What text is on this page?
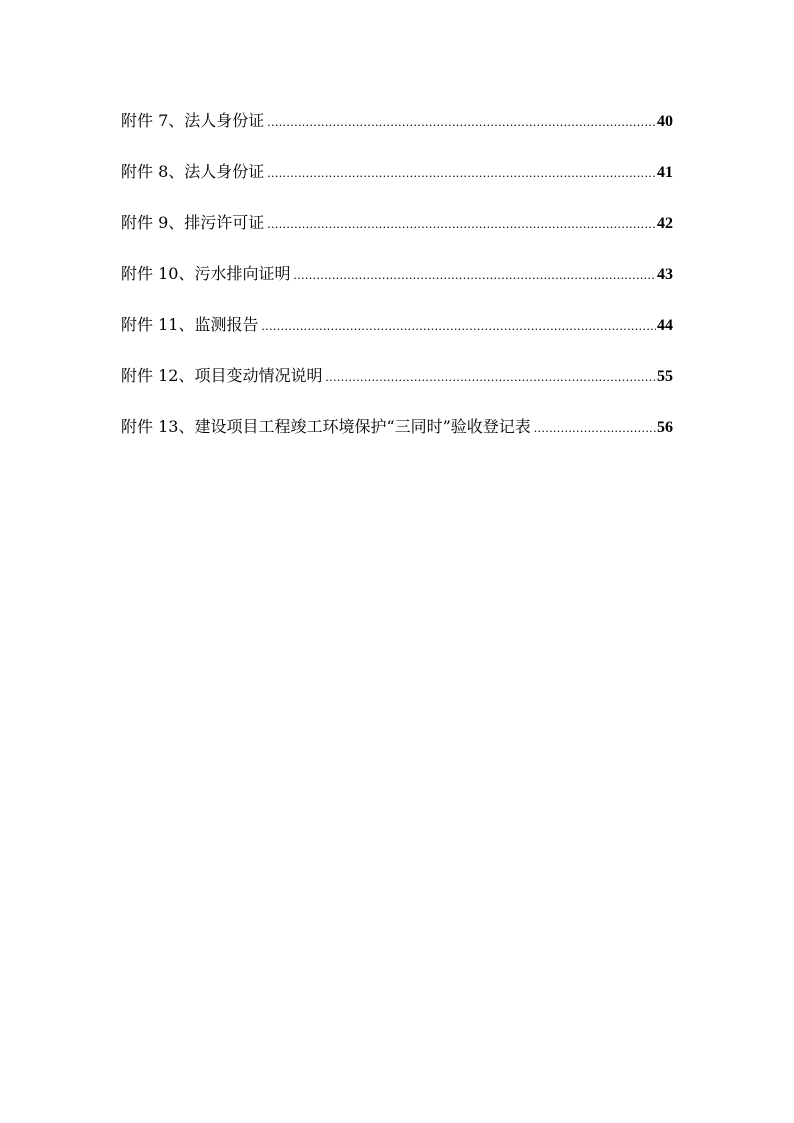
附件 7、法人身份证 .....	40
附件 8、法人身份证 .....	41
附件 9、排污许可证 .....	42
附件 10、污水排向证明 .....	43
附件 11、监测报告 .....	44
附件 12、项目变动情况说明 .....	55
附件 13、建设项目工程竣工环境保护“三同时”验收登记表 .....	56
